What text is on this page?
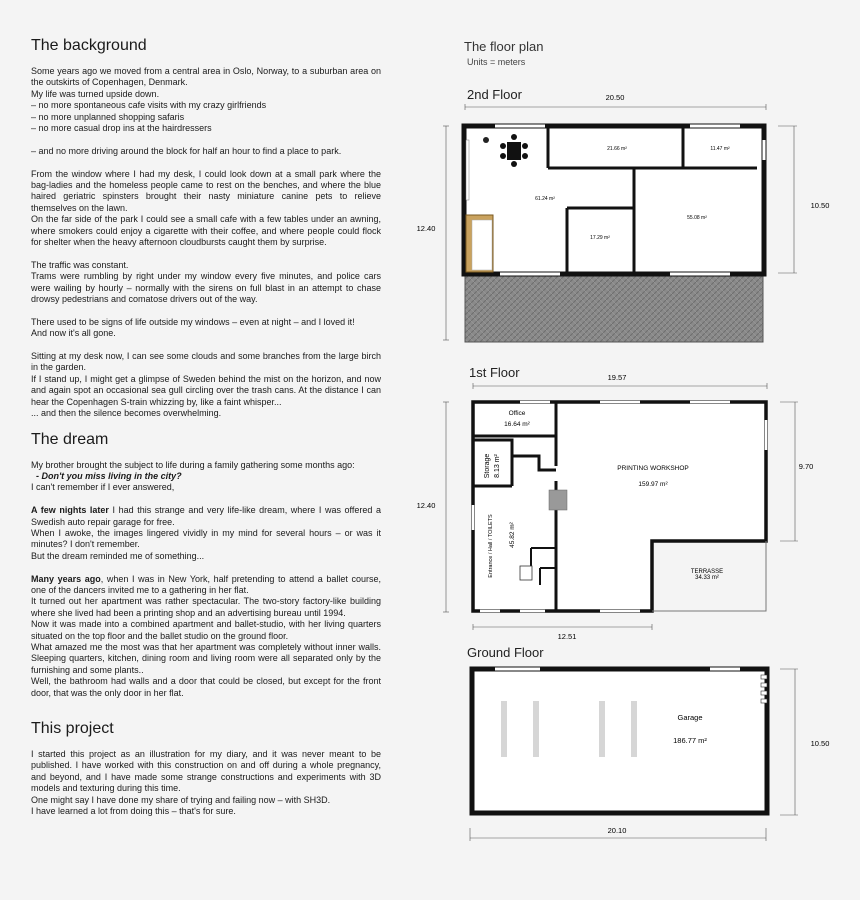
The background

Some years ago we moved from a central area in Oslo, Norway, to a suburban area on the outskirts of Copenhagen, Denmark.
My life was turned upside down.
– no more spontaneous cafe visits with my crazy girlfriends
– no more unplanned shopping safaris
– no more casual drop ins at the hairdressers

– and no more driving around the block for half an hour to find a place to park.

From the window where I had my desk, I could look down at a small park where the bag-ladies and the homeless people came to rest on the benches, and where the blue haired geriatric spinsters brought their nasty miniature canine pets to relieve themselves on the lawn.
On the far side of the park I could see a small cafe with a few tables under an awning, where smokers could enjoy a cigarette with their coffee, and where people could flock for shelter when the heavy afternoon cloudbursts caught them by surprise.

The traffic was constant.
Trams were rumbling by right under my window every five minutes, and police cars were wailing by hourly – normally with the sirens on full blast in an attempt to chase drowsy pedestrians and comatose drivers out of the way.

There used to be signs of life outside my windows – even at night – and I loved it!
And now it's all gone.

Sitting at my desk now, I can see some clouds and some branches from the large birch in the garden.
If I stand up, I might get a glimpse of Sweden behind the mist on the horizon, and now and again spot an occasional sea gull circling over the trash cans. At the distance I can hear the Copenhagen S-train whizzing by, like a faint whisper...
... and then the silence becomes overwhelming.

The dream

My brother brought the subject to life during a family gathering some months ago:
- Don't you miss living in the city?
I can't remember if I ever answered,

A few nights later I had this strange and very life-like dream, where I was offered a Swedish auto repair garage for free.
When I awoke, the images lingered vividly in my mind for several hours – or was it minutes? I don't remember.
But the dream reminded me of something...

Many years ago, when I was in New York, half pretending to attend a ballet course, one of the dancers invited me to a gathering in her flat.
It turned out her apartment was rather spectacular. The two-story factory-like building where she lived had been a printing shop and an advertising bureau until 1994.
Now it was made into a combined apartment and ballet-studio, with her living quarters situated on the top floor and the ballet studio on the ground floor.
What amazed me the most was that her apartment was completely without inner walls. Sleeping quarters, kitchen, dining room and living room were all separated only by the furnishing and some plants..
Well, the bathroom had walls and a door that could be closed, but except for the front door, that was the only door in her flat.

This project

I started this project as an illustration for my diary, and it was never meant to be published. I have worked with this construction on and off during a whole pregnancy, and beyond, and I have made some strange constructions and experiments with 3D models and texturing during this time.
One might say I have done my share of trying and failing now – with SH3D.
I have learned a lot from doing this – that's for sure.

The floor plan
Units = meters
2nd Floor	20.50
12.40
10.50
21.66 m²	11.47 m²
61.24 m²
55.08 m²
17.29 m²
1st Floor	19.57
12.40
9.70
12.51
Office
16.64 m²
Storage 8.13 m²
Entrance / Hall / TOILETS 45.82 m²
PRINTING WORKSHOP
159.97 m²
TERRASSE
34.33 m²
Ground Floor
Garage
186.77 m²	10.50
20.10
